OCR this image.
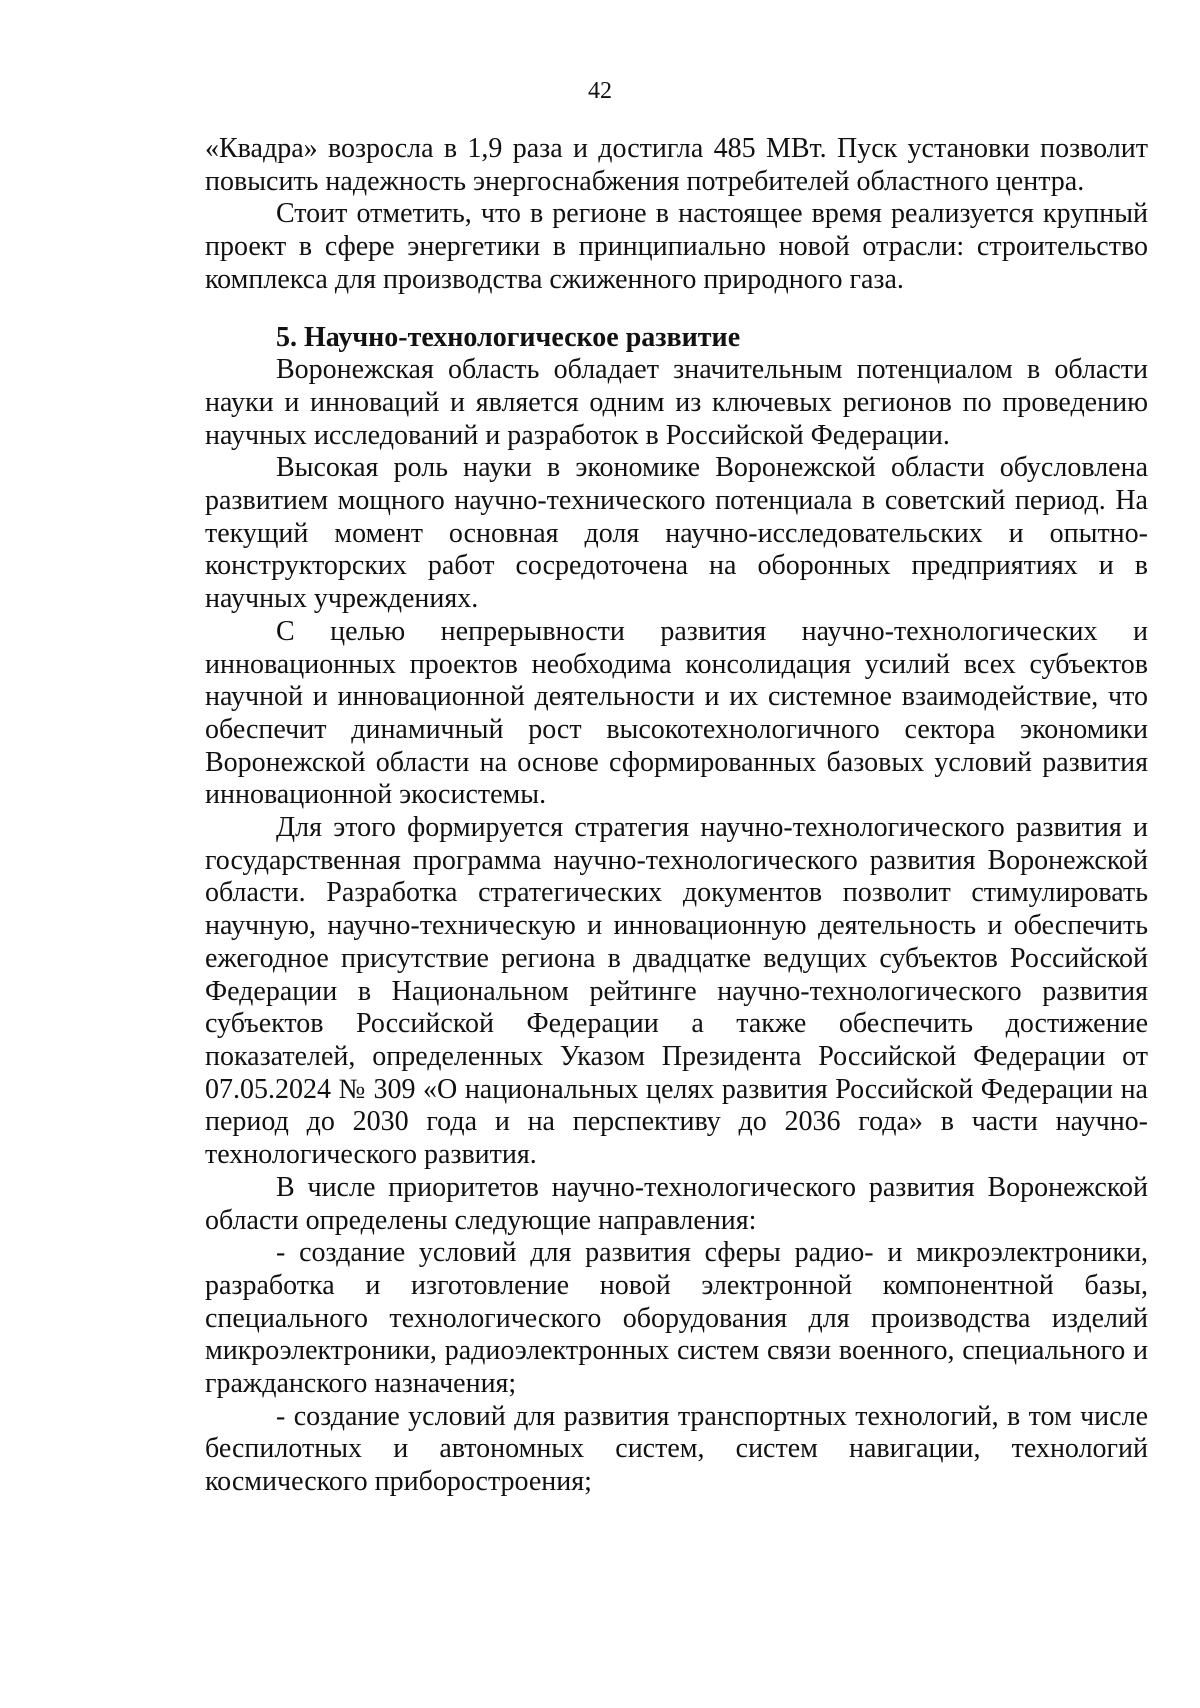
42

«Квадра» возросла в 1,9 раза и достигла 485 МВт. Пуск установки позволит повысить надежность энергоснабжения потребителей областного центра.

Стоит отметить, что в регионе в настоящее время реализуется крупный проект в сфере энергетики в принципиально новой отрасли: строительство комплекса для производства сжиженного природного газа.

5. Научно-технологическое развитие

Воронежская область обладает значительным потенциалом в области науки и инноваций и является одним из ключевых регионов по проведению научных исследований и разработок в Российской Федерации.

Высокая роль науки в экономике Воронежской области обусловлена развитием мощного научно-технического потенциала в советский период. На текущий момент основная доля научно-исследовательских и опытно-конструкторских работ сосредоточена на оборонных предприятиях и в научных учреждениях.

С целью непрерывности развития научно-технологических и инновационных проектов необходима консолидация усилий всех субъектов научной и инновационной деятельности и их системное взаимодействие, что обеспечит динамичный рост высокотехнологичного сектора экономики Воронежской области на основе сформированных базовых условий развития инновационной экосистемы.

Для этого формируется стратегия научно-технологического развития и государственная программа научно-технологического развития Воронежской области. Разработка стратегических документов позволит стимулировать научную, научно-техническую и инновационную деятельность и обеспечить ежегодное присутствие региона в двадцатке ведущих субъектов Российской Федерации в Национальном рейтинге научно-технологического развития субъектов Российской Федерации а также обеспечить достижение показателей, определенных Указом Президента Российской Федерации от 07.05.2024 № 309 «О национальных целях развития Российской Федерации на период до 2030 года и на перспективу до 2036 года» в части научно-технологического развития.

В числе приоритетов научно-технологического развития Воронежской области определены следующие направления:

- создание условий для развития сферы радио- и микроэлектроники, разработка и изготовление новой электронной компонентной базы, специального технологического оборудования для производства изделий микроэлектроники, радиоэлектронных систем связи военного, специального и гражданского назначения;

- создание условий для развития транспортных технологий, в том числе беспилотных и автономных систем, систем навигации, технологий космического приборостроения;
